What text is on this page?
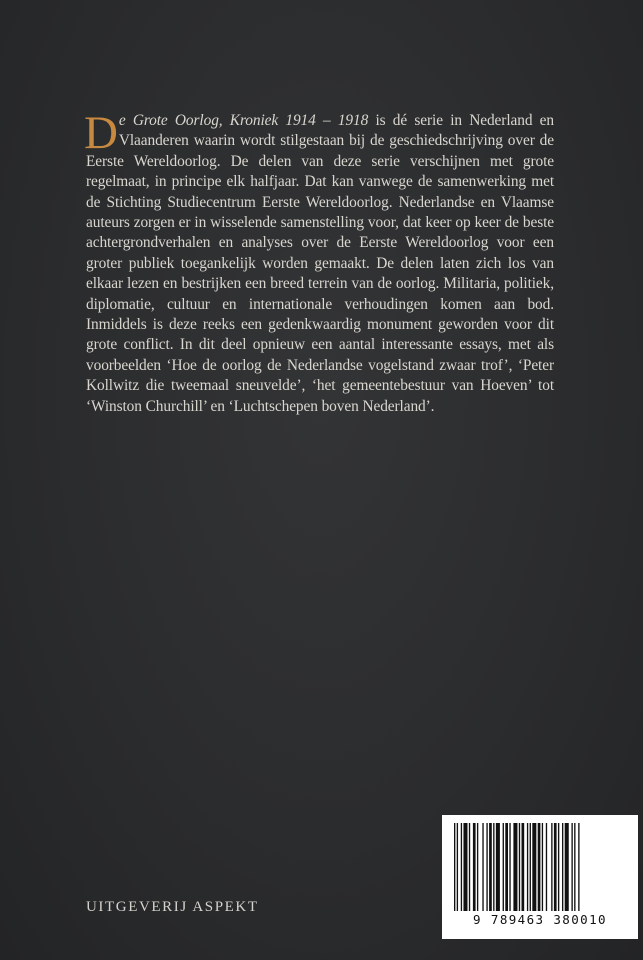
De Grote Oorlog, Kroniek 1914 – 1918 is dé serie in Nederland en Vlaanderen waarin wordt stilgestaan bij de geschiedschrijving over de Eerste Wereldoorlog. De delen van deze serie verschijnen met grote regelmaat, in principe elk halfjaar. Dat kan vanwege de samenwerking met de Stichting Studiecentrum Eerste Wereldoorlog. Nederlandse en Vlaamse auteurs zorgen er in wisselende samenstelling voor, dat keer op keer de beste achtergrondverhalen en analyses over de Eerste Wereldoorlog voor een groter publiek toegankelijk worden gemaakt. De delen laten zich los van elkaar lezen en bestrijken een breed terrein van de oorlog. Militaria, politiek, diplomatie, cultuur en internationale verhoudingen komen aan bod. Inmiddels is deze reeks een gedenkwaardig monument geworden voor dit grote conflict. In dit deel opnieuw een aantal interessante essays, met als voorbeelden ‘Hoe de oorlog de Nederlandse vogelstand zwaar trof’, ‘Peter Kollwitz die tweemaal sneuvelde’, ‘het gemeentebestuur van Hoeven’ tot ‘Winston Churchill’ en ‘Luchtschepen boven Nederland’.
UITGEVERIJ ASPEKT
9 789463 380010
